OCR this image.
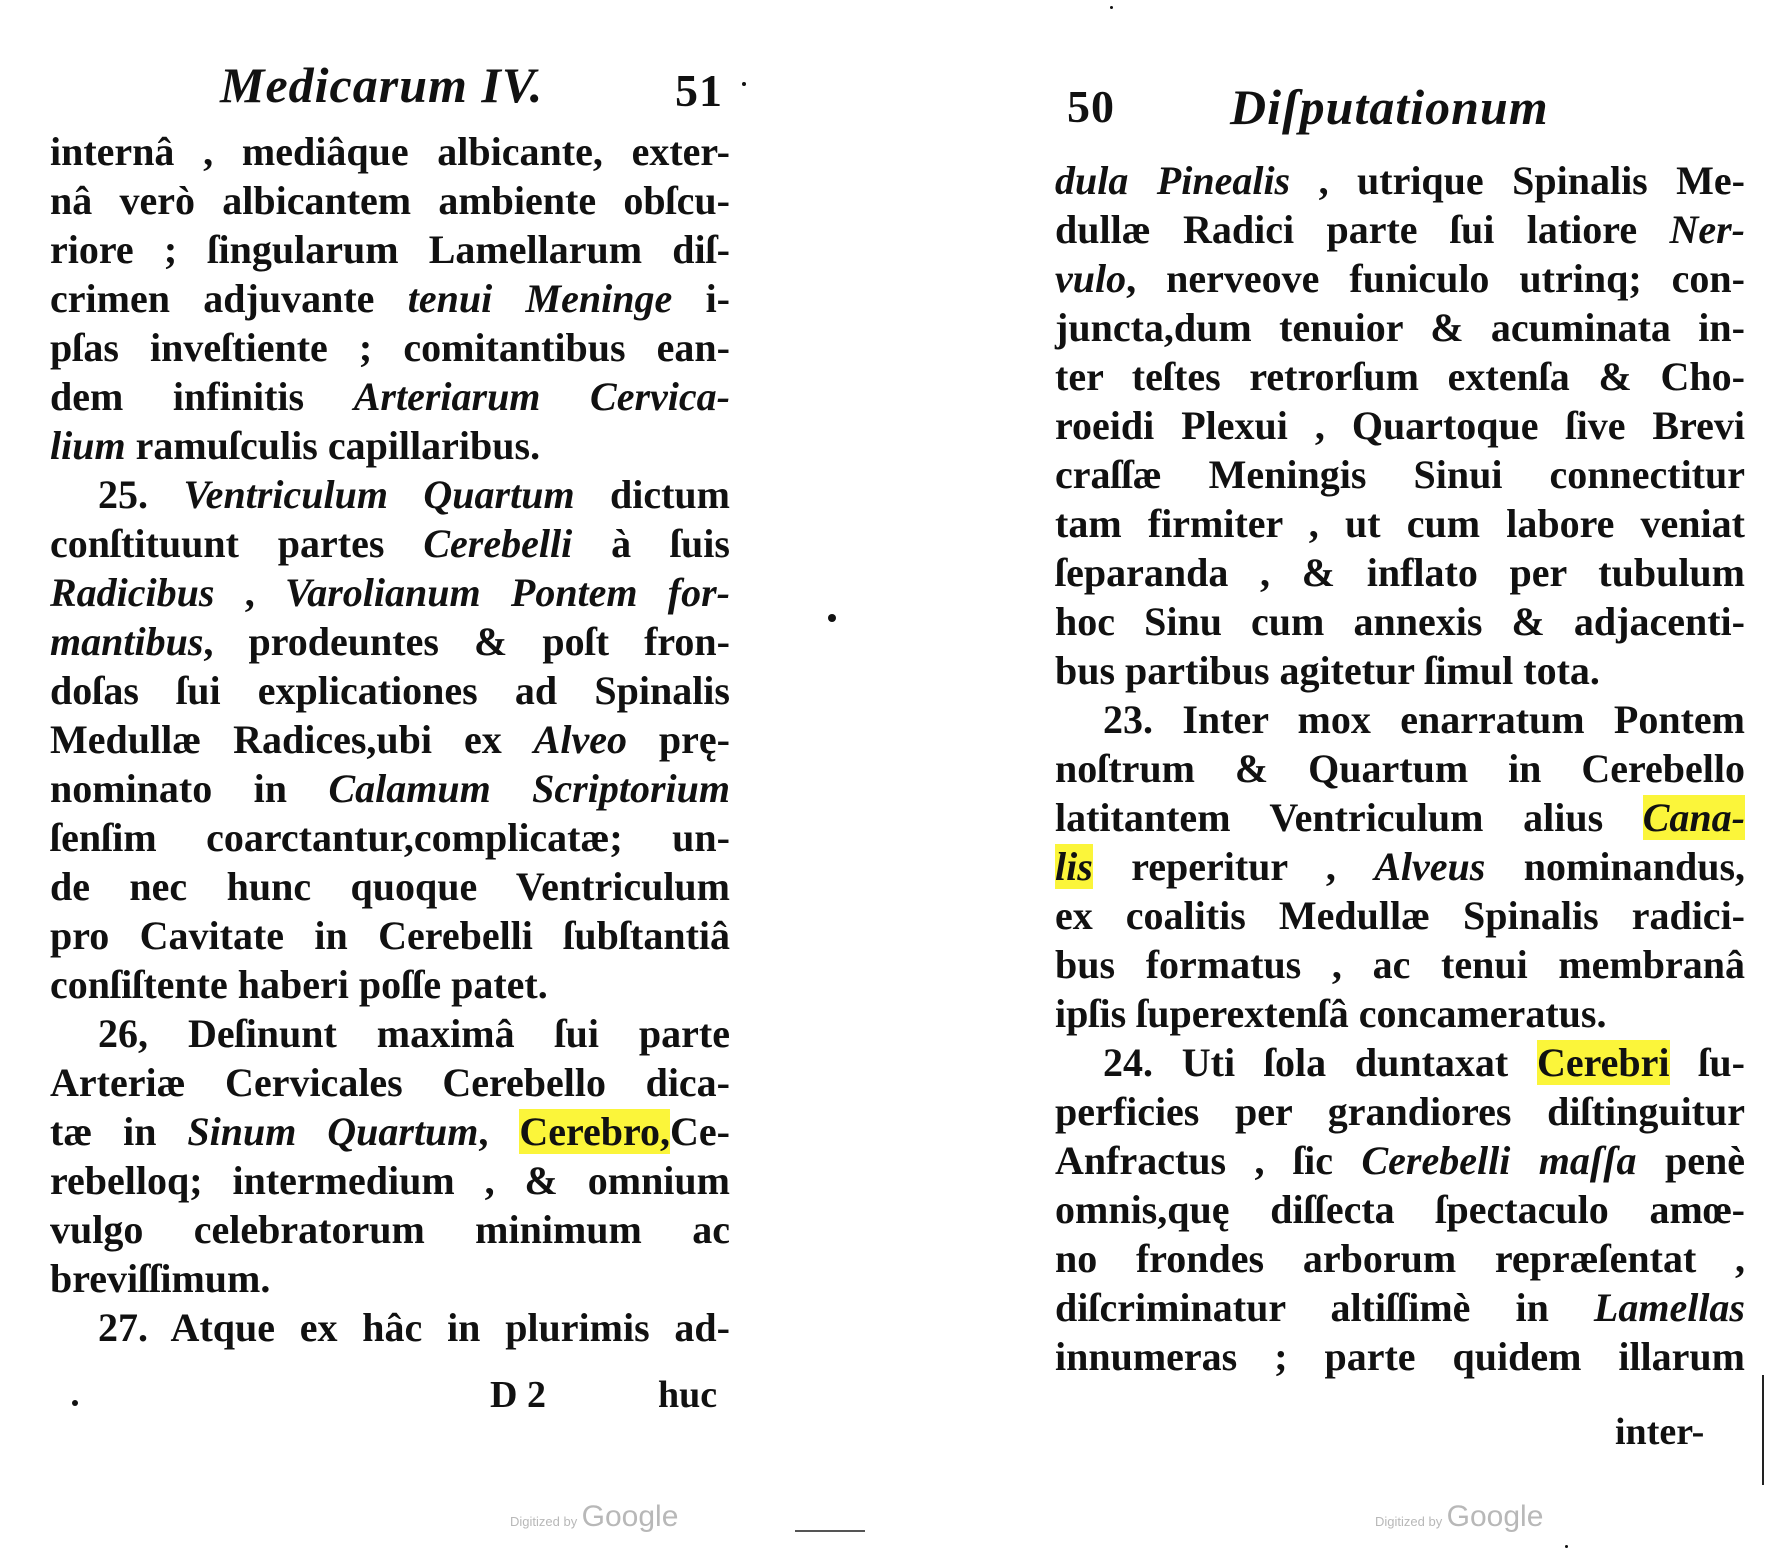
Medicarum IV.	51
internâ , mediâque albicante, exter-
nâ verò albicantem ambiente obſcu-
riore ; ſingularum Lamellarum diſ-
crimen adjuvante tenui Meninge i-
pſas inveſtiente ; comitantibus ean-
dem infinitis Arteriarum Cervica-
lium ramuſculis capillaribus.
25. Ventriculum Quartum dictum
conſtituunt partes Cerebelli à ſuis
Radicibus , Varolianum Pontem for-
mantibus, prodeuntes & poſt fron-
doſas ſui explicationes ad Spinalis
Medullæ Radices,ubi ex Alveo prę-
nominato in Calamum Scriptorium
ſenſim coarctantur,complicatæ; un-
de nec hunc quoque Ventriculum
pro Cavitate in Cerebelli ſubſtantiâ
conſiſtente haberi poſſe patet.
26, Deſinunt maximâ ſui parte
Arteriæ Cervicales Cerebello dica-
tæ in Sinum Quartum, Cerebro,Ce-
rebelloq; intermedium , & omnium
vulgo celebratorum minimum ac
breviſſimum.
27. Atque ex hâc in plurimis ad-
D 2	huc
50 Diſputationum
dula Pinealis , utrique Spinalis Me-
dullæ Radici parte ſui latiore Ner-
vulo, nerveove funiculo utrinq; con-
juncta,dum tenuior & acuminata in-
ter teſtes retrorſum extenſa & Cho-
roeidi Plexui , Quartoque ſive Brevi
craſſæ Meningis Sinui connectitur
tam firmiter , ut cum labore veniat
ſeparanda , & inflato per tubulum
hoc Sinu cum annexis & adjacenti-
bus partibus agitetur ſimul tota.
23. Inter mox enarratum Pontem
noſtrum & Quartum in Cerebello
latitantem Ventriculum alius Cana-
lis reperitur , Alveus nominandus,
ex coalitis Medullæ Spinalis radici-
bus formatus , ac tenui membranâ
ipſis ſuperextenſâ concameratus.
24. Uti ſola duntaxat Cerebri ſu-
perficies per grandiores diſtinguitur
Anfractus , ſic Cerebelli maſſa penè
omnis,quę diſſecta ſpectaculo amœ-
no frondes arborum repræſentat ,
diſcriminatur altiſſimè in Lamellas
innumeras ; parte quidem illarum
inter-
Digitized by Google	Digitized by Google
